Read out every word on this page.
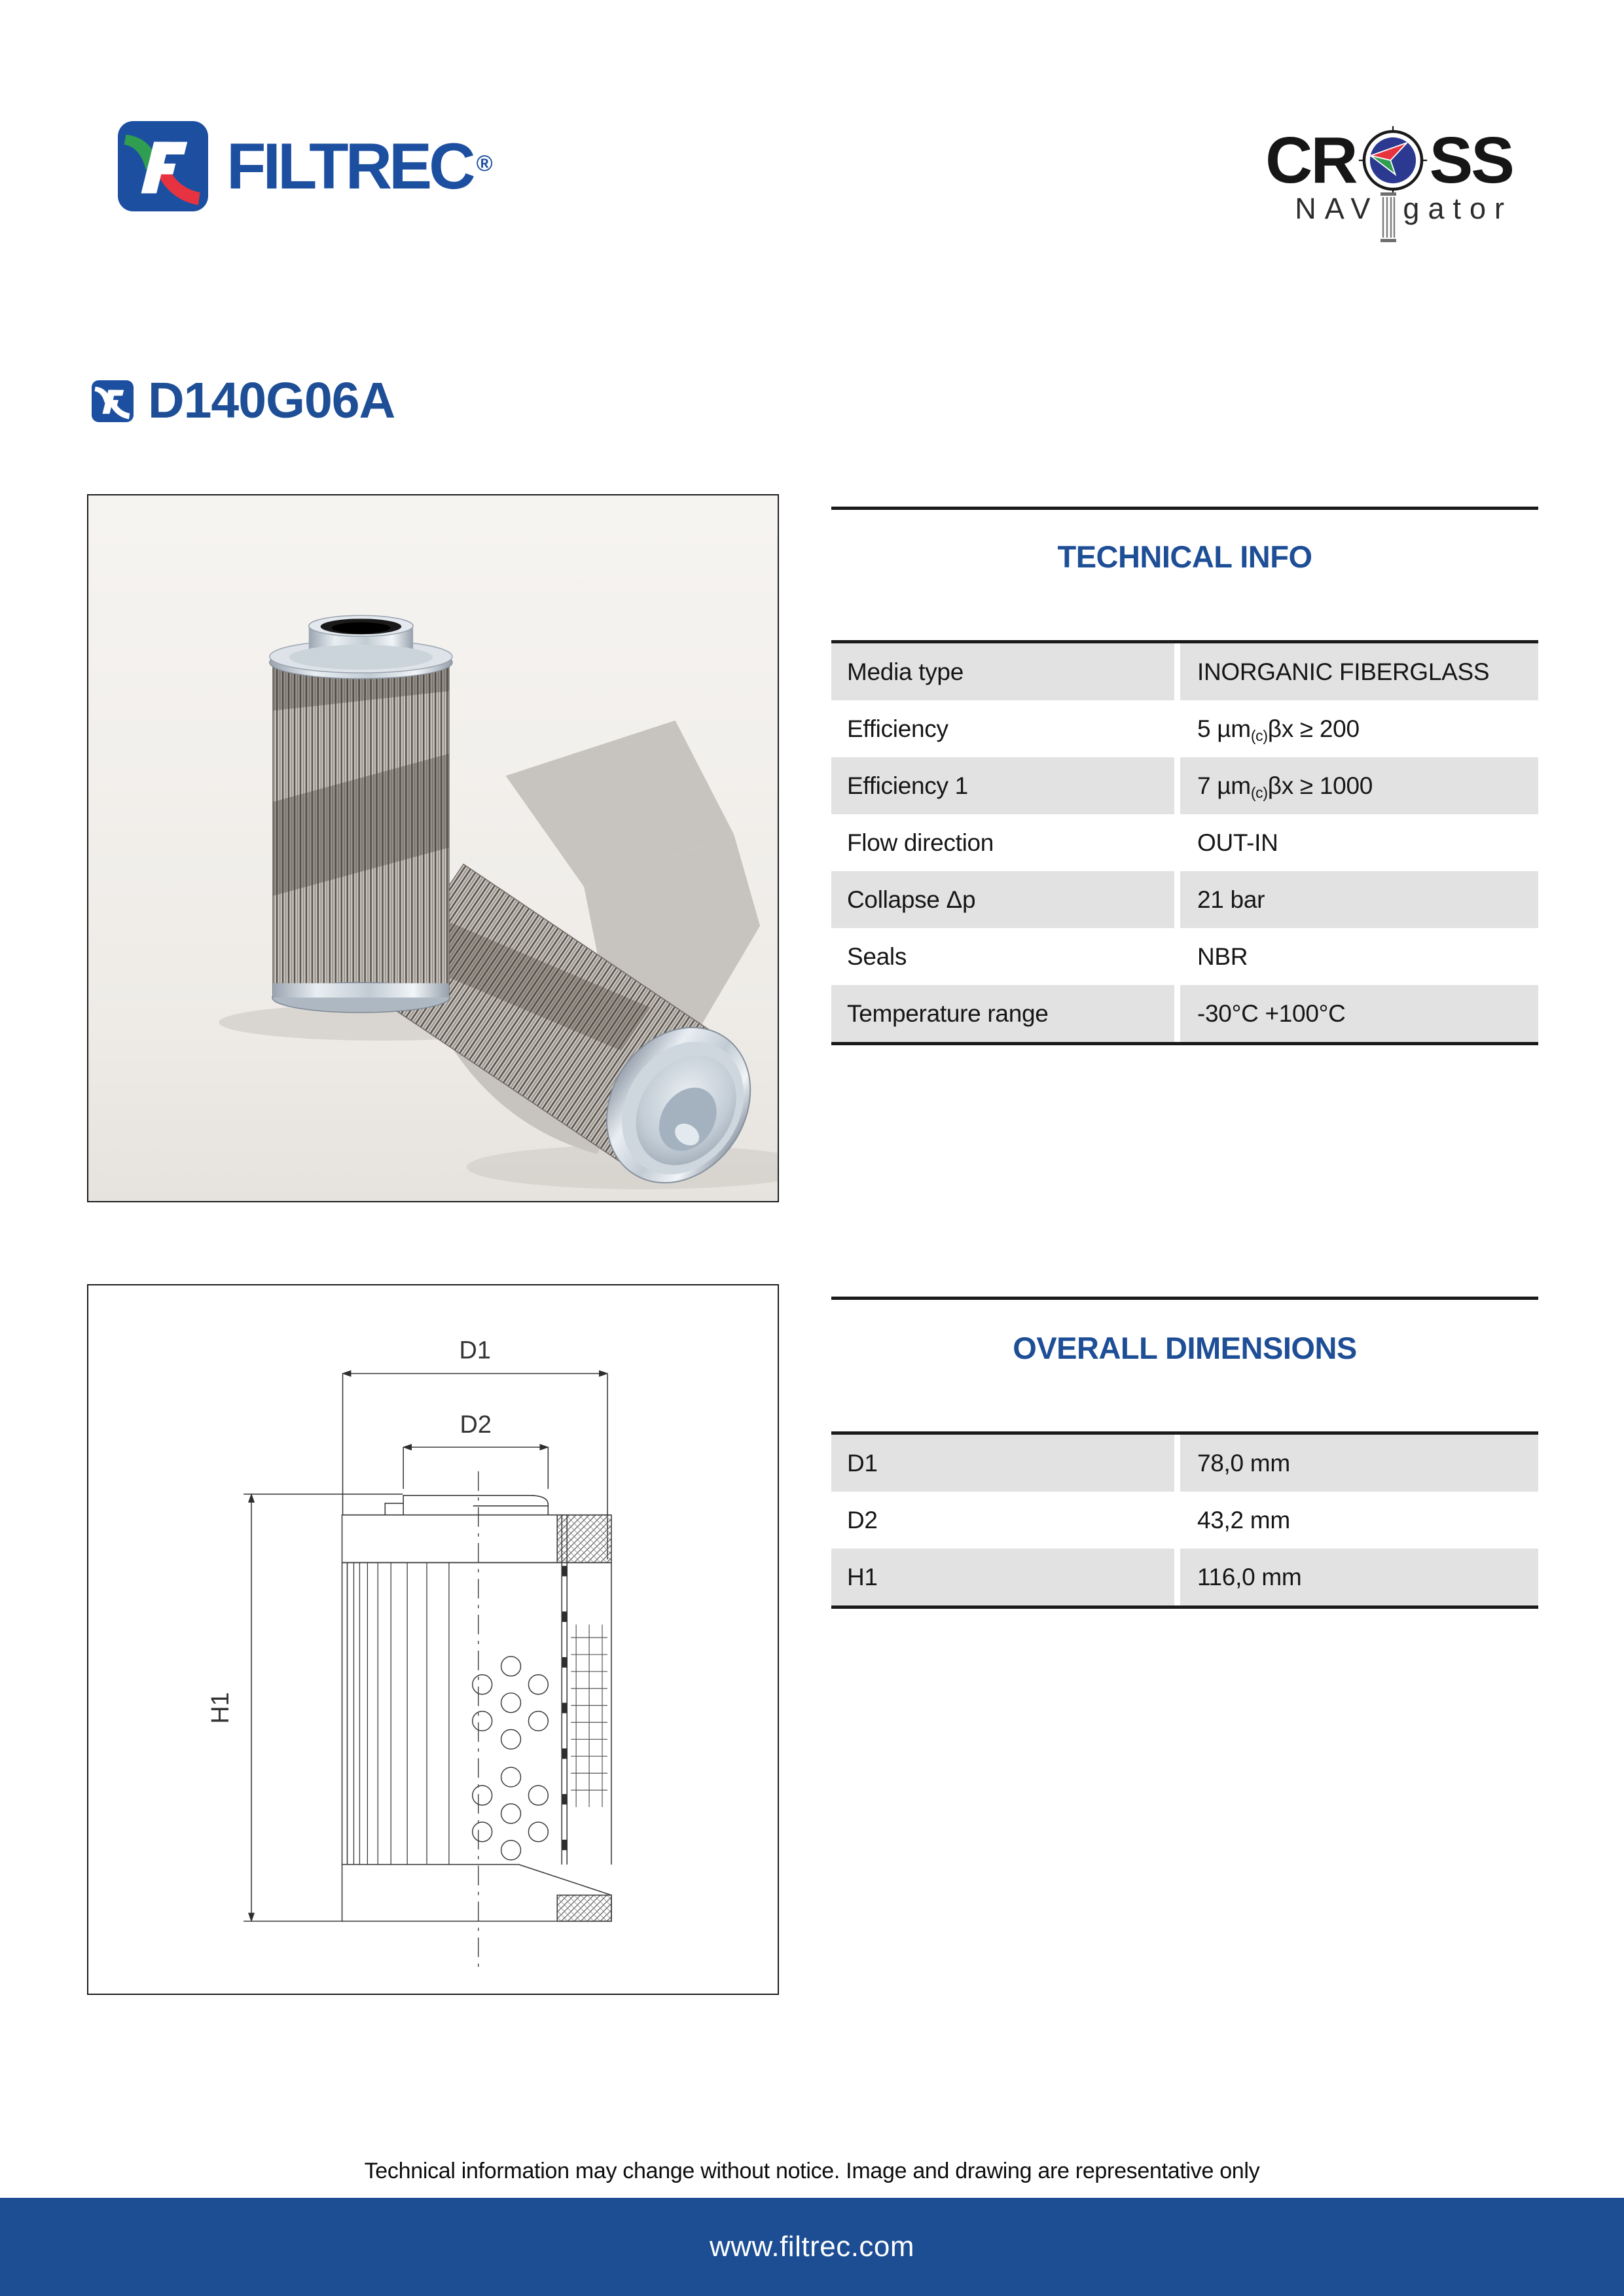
FILTREC ®	CR SS
NAV gator
D140G06A
TECHNICAL INFO
Media type	INORGANIC FIBERGLASS
Efficiency	5 µm$_{(c)}$ βx ≥ 200
Efficiency 1	7 µm$_{(c)}$ βx ≥ 1000
Flow direction	OUT-IN
Collapse Δp	21 bar
Seals	NBR
Temperature range	-30°C +100°C
D1
D2
H1
OVERALL DIMENSIONS
D1	78,0 mm
D2	43,2 mm
H1	116,0 mm
Technical information may change without notice. Image and drawing are representative only
www.filtrec.com
